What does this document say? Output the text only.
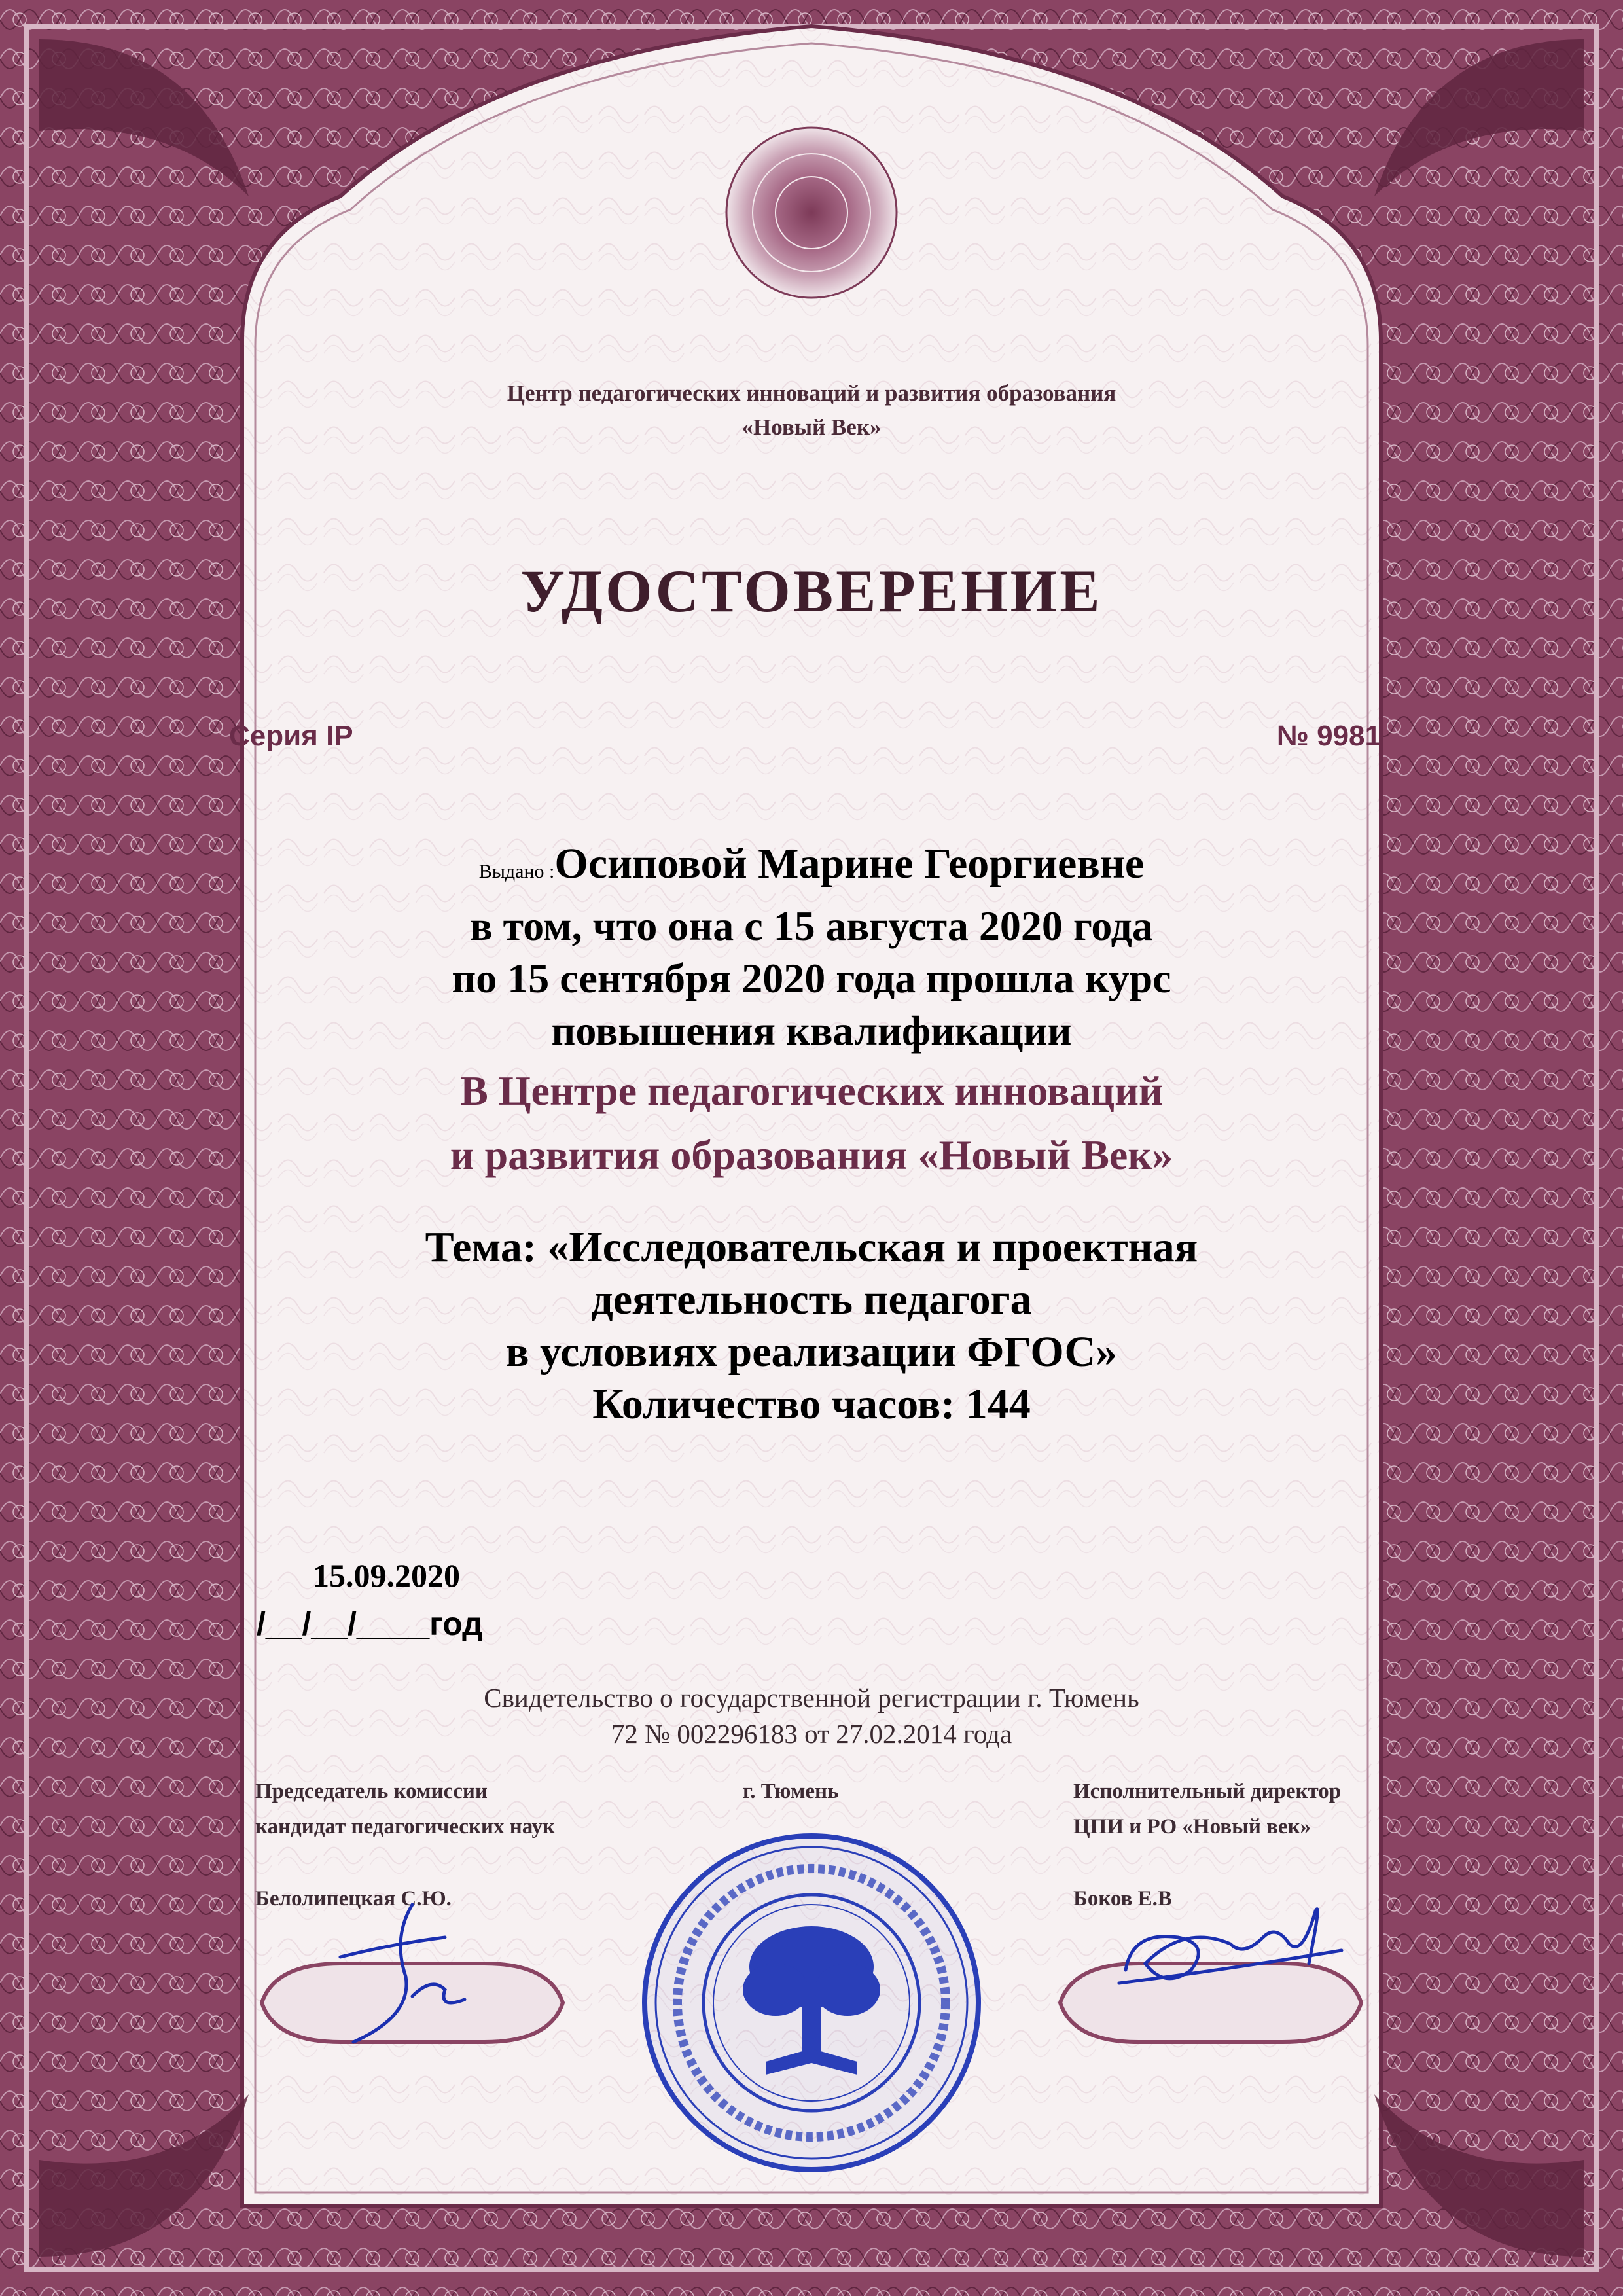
Центр педагогических инноваций и развития образования
«Новый Век»
УДОСТОВЕРЕНИЕ
Серия IP	№ 9981
Выдано :Осиповой Марине Георгиевне
в том, что она с 15 августа 2020 года
по 15 сентября 2020 года прошла курс
повышения квалификации
В Центре педагогических инноваций
и развития образования «Новый Век»
Тема: «Исследовательская и проектная
деятельность педагога
в условиях реализации ФГОС»
Количество часов: 144
15.09.2020
/__/__/____год
Свидетельство о государственной регистрации г. Тюмень
72 № 002296183 от 27.02.2014 года
Председатель комиссии
кандидат педагогических наук
Белолипецкая С.Ю.
г. Тюмень	Исполнительный директор
ЦПИ и РО «Новый век»
Боков Е.В
